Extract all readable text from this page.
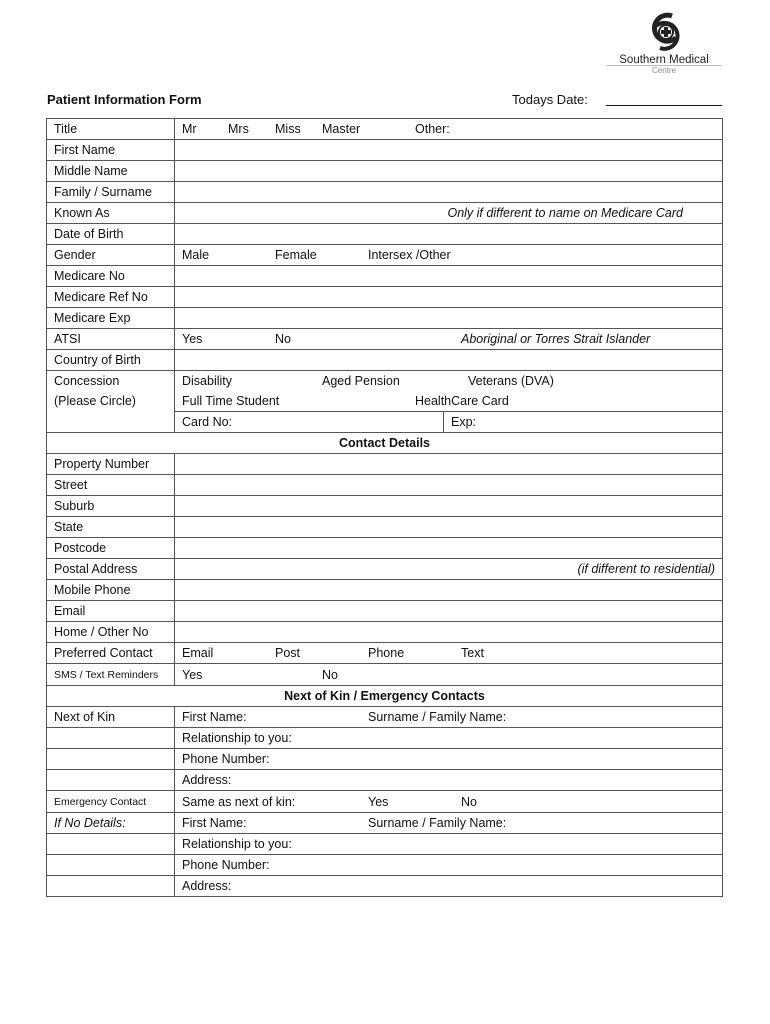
Southern Medical
Centre
Patient Information Form	Todays Date:
Title	Mr Mrs Miss Master Other:
First Name	
Middle Name	
Family / Surname	
Known As	Only if different to name on Medicare Card
Date of Birth	
Gender	Male Female Intersex /Other
Medicare No	
Medicare Ref No	
Medicare Exp	
ATSI	Yes No Aboriginal or Torres Strait Islander
Country of Birth	
Concession	Disability Aged Pension Veterans (DVA)
(Please Circle)	Full Time Student HealthCare Card

	Card No: Exp:

Contact Details	
Property Number	
Street	
Suburb	
State	
Postcode	
Postal Address	(if different to residential)
Mobile Phone	
Email	
Home / Other No	
Preferred Contact	Email Post Phone Text
SMS / Text Reminders	Yes No
Next of Kin / Emergency Contacts	
Next of Kin	First Name: Surname / Family Name:
	Relationship to you:
	Phone Number:
	Address:
Emergency Contact	Same as next of kin: Yes No
If No Details:	First Name: Surname / Family Name:
	Relationship to you:
	Phone Number:
	Address:
